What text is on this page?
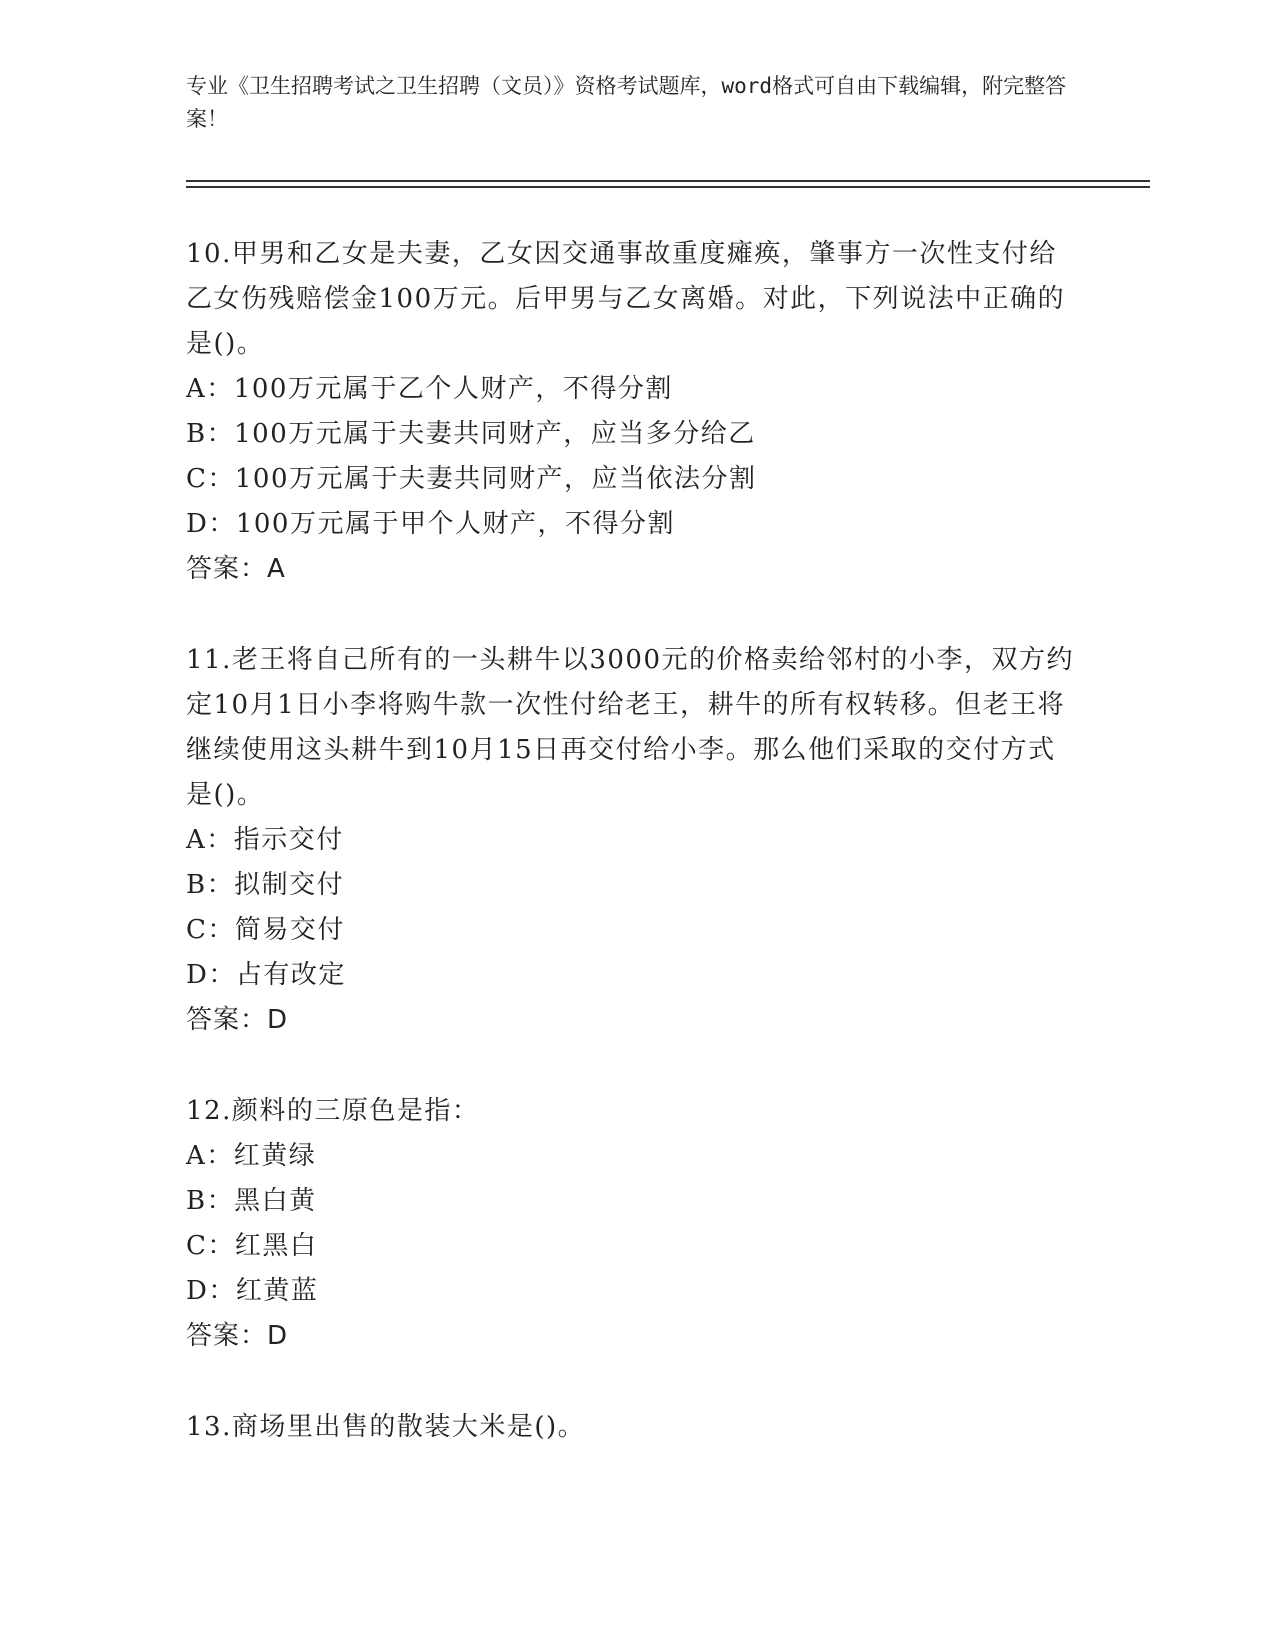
专业《卫生招聘考试之卫生招聘（文员）》资格考试题库，word格式可自由下载编辑，附完整答案！
10.甲男和乙女是夫妻，乙女因交通事故重度瘫痪，肇事方一次性支付给乙女伤残赔偿金100万元。后甲男与乙女离婚。对此，下列说法中正确的是()。
A：100万元属于乙个人财产，不得分割
B：100万元属于夫妻共同财产，应当多分给乙
C：100万元属于夫妻共同财产，应当依法分割
D：100万元属于甲个人财产，不得分割
答案：A
11.老王将自己所有的一头耕牛以3000元的价格卖给邻村的小李，双方约定10月1日小李将购牛款一次性付给老王，耕牛的所有权转移。但老王将继续使用这头耕牛到10月15日再交付给小李。那么他们采取的交付方式是()。
A：指示交付
B：拟制交付
C：简易交付
D：占有改定
答案：D
12.颜料的三原色是指：
A：红黄绿
B：黑白黄
C：红黑白
D：红黄蓝
答案：D
13.商场里出售的散装大米是()。
